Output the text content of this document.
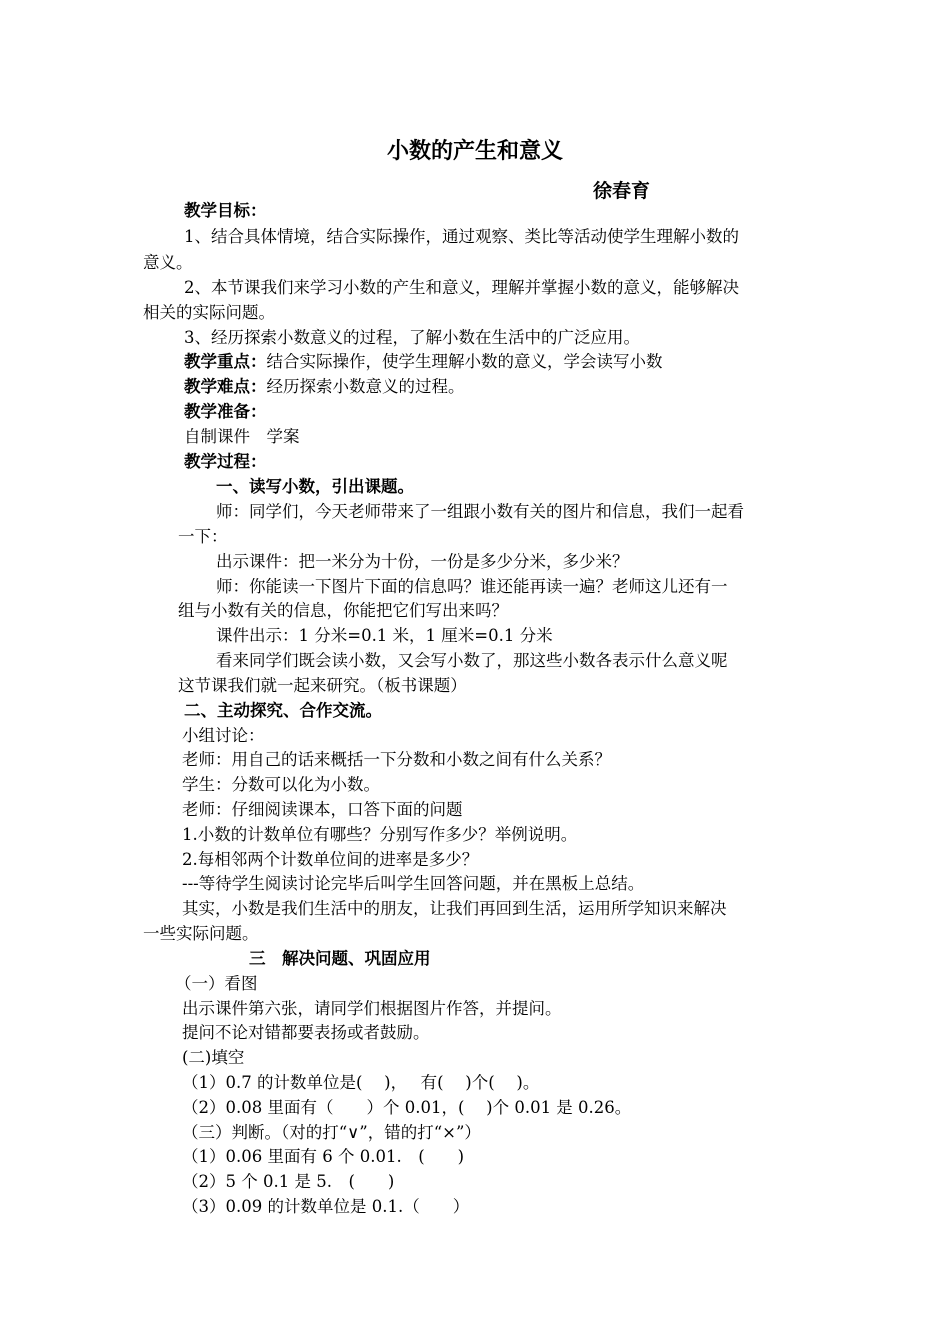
小数的产生和意义
徐春育
教学目标：
1、结合具体情境，结合实际操作，通过观察、类比等活动使学生理解小数的
意义。
2、本节课我们来学习小数的产生和意义，理解并掌握小数的意义，能够解决
相关的实际问题。
3、经历探索小数意义的过程，了解小数在生活中的广泛应用。
教学重点：结合实际操作，使学生理解小数的意义，学会读写小数
教学难点：经历探索小数意义的过程。
教学准备：
自制课件　学案
教学过程：
一、读写小数，引出课题。
师：同学们，今天老师带来了一组跟小数有关的图片和信息，我们一起看
一下：
出示课件：把一米分为十份，一份是多少分米，多少米？
师：你能读一下图片下面的信息吗？谁还能再读一遍？老师这儿还有一
组与小数有关的信息，你能把它们写出来吗？
课件出示：1 分米=0.1 米，1 厘米=0.1 分米
看来同学们既会读小数，又会写小数了，那这些小数各表示什么意义呢
这节课我们就一起来研究。（板书课题）
二、主动探究、合作交流。
小组讨论：
老师：用自己的话来概括一下分数和小数之间有什么关系？
学生：分数可以化为小数。
老师：仔细阅读课本，口答下面的问题
1.小数的计数单位有哪些？分别写作多少？举例说明。
2.每相邻两个计数单位间的进率是多少？
---等待学生阅读讨论完毕后叫学生回答问题，并在黑板上总结。
其实，小数是我们生活中的朋友，让我们再回到生活，运用所学知识来解决
一些实际问题。
三　解决问题、巩固应用
（一）看图
出示课件第六张，请同学们根据图片作答，并提问。
提问不论对错都要表扬或者鼓励。
(二)填空
（1）0.7 的计数单位是(　 )，　 有(　 )个(　 )。
（2）0.08 里面有（　　）个 0.01，(　 )个 0.01 是 0.26。
（三）判断。（对的打“∨”，错的打“×”）
（1）0.06 里面有 6 个 0.01.　(　　)
（2）5 个 0.1 是 5.　(　　)
（3）0.09 的计数单位是 0.1.（　　）
